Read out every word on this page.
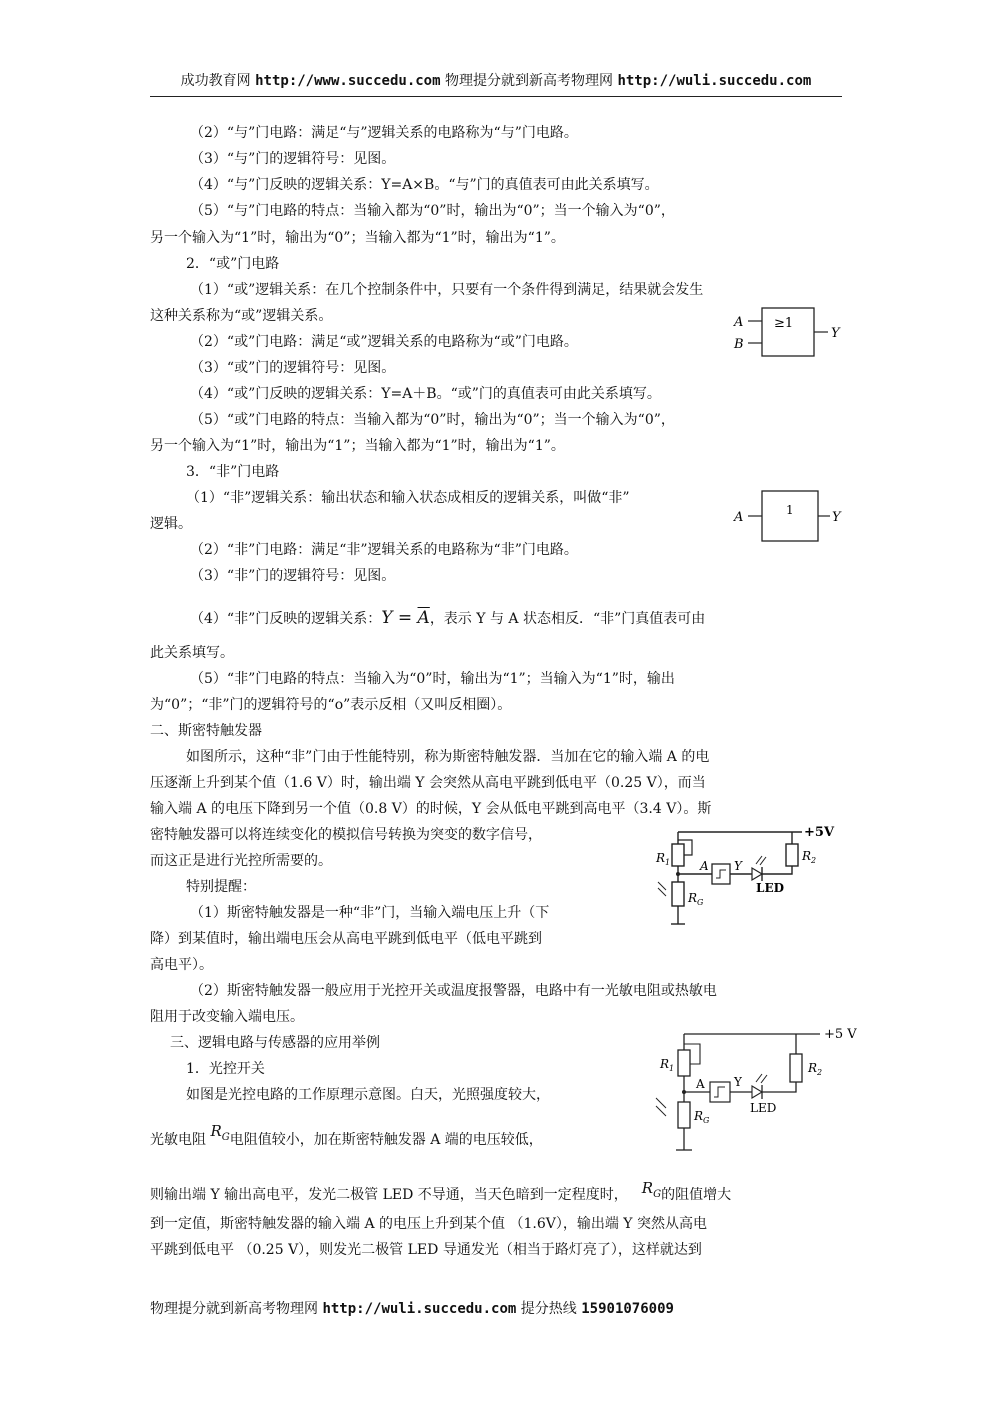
成功教育网 http://www.succedu.com 物理提分就到新高考物理网 http://wuli.succedu.com
（2）“与”门电路：满足“与”逻辑关系的电路称为“与”门电路。
（3）“与”门的逻辑符号：见图。
（4）“与”门反映的逻辑关系：Y=A×B。“与”门的真值表可由此关系填写。
（5）“与”门电路的特点：当输入都为“0”时，输出为“0”；当一个输入为“0”，
另一个输入为“1”时，输出为“0”；当输入都为“1”时，输出为“1”。
2．“或”门电路
（1）“或”逻辑关系：在几个控制条件中，只要有一个条件得到满足，结果就会发生
这种关系称为“或”逻辑关系。
（2）“或”门电路：满足“或”逻辑关系的电路称为“或”门电路。
（3）“或”门的逻辑符号：见图。
（4）“或”门反映的逻辑关系：Y=A＋B。“或”门的真值表可由此关系填写。
（5）“或”门电路的特点：当输入都为“0”时，输出为“0”；当一个输入为“0”，
另一个输入为“1”时，输出为“1”；当输入都为“1”时，输出为“1”。
3．“非”门电路
（1）“非”逻辑关系：输出状态和输入状态成相反的逻辑关系，叫做“非”
逻辑。
（2）“非”门电路：满足“非”逻辑关系的电路称为“非”门电路。
（3）“非”门的逻辑符号：见图。
（4）“非”门反映的逻辑关系：$Y = \overline{A}$，表示 Y 与 A 状态相反．“非”门真值表可由
此关系填写。
（5）“非”门电路的特点：当输入为“0”时，输出为“1”；当输入为“1”时，输出
为“0”；“非”门的逻辑符号的“o”表示反相（又叫反相圈）。
二、斯密特触发器
如图所示，这种“非”门由于性能特别，称为斯密特触发器．当加在它的输入端 A 的电
压逐渐上升到某个值（1.6 V）时，输出端 Y 会突然从高电平跳到低电平（0.25 V），而当
输入端 A 的电压下降到另一个值（0.8 V）的时候，Y 会从低电平跳到高电平（3.4 V）。斯
密特触发器可以将连续变化的模拟信号转换为突变的数字信号，
而这正是进行光控所需要的。
特别提醒：
（1）斯密特触发器是一种“非”门，当输入端电压上升（下
降）到某值时，输出端电压会从高电平跳到低电平（低电平跳到
高电平）。
（2）斯密特触发器一般应用于光控开关或温度报警器，电路中有一光敏电阻或热敏电
阻用于改变输入端电压。
三、逻辑电路与传感器的应用举例
1．光控开关
如图是光控电路的工作原理示意图。白天，光照强度较大，
光敏电阻 $R_G$电阻值较小，加在斯密特触发器 A 端的电压较低，
则输出端 Y 输出高电平，发光二极管 LED 不导通，当天色暗到一定程度时， $R_G$的阻值增大
到一定值，斯密特触发器的输入端 A 的电压上升到某个值 （1.6V），输出端 Y 突然从高电
平跳到低电平 （0.25 V），则发光二极管 LED 导通发光（相当于路灯亮了），这样就达到
A
B
≥1
Y
A	1	Y
+5V
$R_1$ A Y
LED
$R_2$
$R_G$
+5 V
$R_1$
A Y
LED
$R_2$
$R_G$
物理提分就到新高考物理网 http://wuli.succedu.com 提分热线 15901076009
